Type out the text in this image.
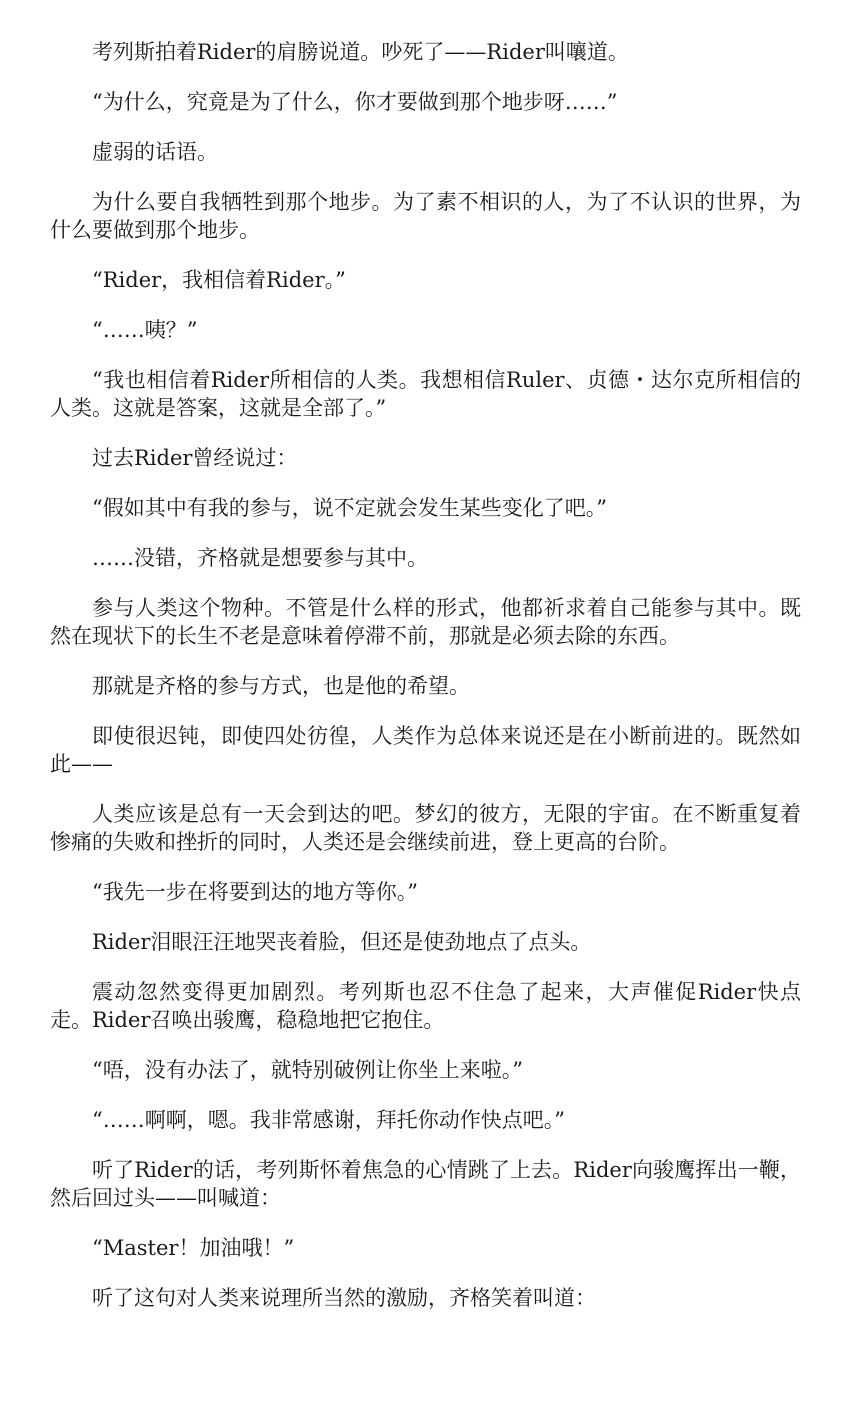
考列斯拍着Rider的肩膀说道。吵死了——Rider叫嚷道。

“为什么，究竟是为了什么，你才要做到那个地步呀……”

虚弱的话语。

为什么要自我牺牲到那个地步。为了素不相识的人，为了不认识的世界，为什么要做到那个地步。

“Rider，我相信着Rider。”

“……咦？”

“我也相信着Rider所相信的人类。我想相信Ruler、贞德・达尔克所相信的人类。这就是答案，这就是全部了。”

过去Rider曾经说过：

“假如其中有我的参与，说不定就会发生某些变化了吧。”

……没错，齐格就是想要参与其中。

参与人类这个物种。不管是什么样的形式，他都祈求着自己能参与其中。既然在现状下的长生不老是意味着停滞不前，那就是必须去除的东西。

那就是齐格的参与方式，也是他的希望。

即使很迟钝，即使四处彷徨，人类作为总体来说还是在小断前进的。既然如此——

人类应该是总有一天会到达的吧。梦幻的彼方，无限的宇宙。在不断重复着惨痛的失败和挫折的同时，人类还是会继续前进，登上更高的台阶。

“我先一步在将要到达的地方等你。”

Rider泪眼汪汪地哭丧着脸，但还是使劲地点了点头。

震动忽然变得更加剧烈。考列斯也忍不住急了起来，大声催促Rider快点走。Rider召唤出骏鹰，稳稳地把它抱住。

“唔，没有办法了，就特别破例让你坐上来啦。”

“……啊啊，嗯。我非常感谢，拜托你动作快点吧。”

听了Rider的话，考列斯怀着焦急的心情跳了上去。Rider向骏鹰挥出一鞭，然后回过头——叫喊道：

“Master！加油哦！”

听了这句对人类来说理所当然的激励，齐格笑着叫道：
